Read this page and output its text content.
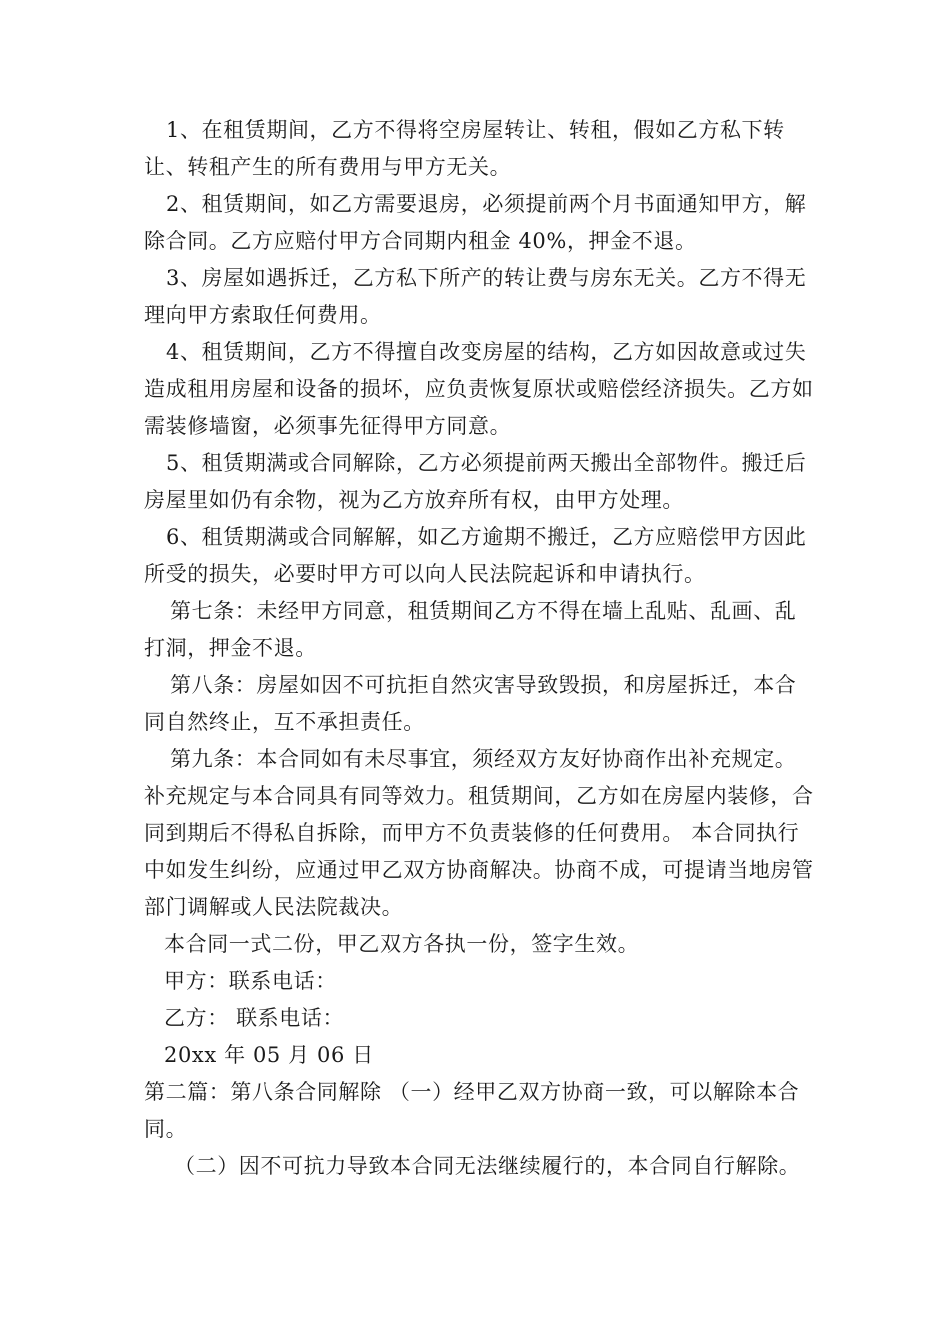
1、在租赁期间，乙方不得将空房屋转让、转租，假如乙方私下转让、转租产生的所有费用与甲方无关。

2、租赁期间，如乙方需要退房，必须提前两个月书面通知甲方，解除合同。乙方应赔付甲方合同期内租金 40%，押金不退。

3、房屋如遇拆迁，乙方私下所产的转让费与房东无关。乙方不得无理向甲方索取任何费用。

4、租赁期间，乙方不得擅自改变房屋的结构，乙方如因故意或过失造成租用房屋和设备的损坏，应负责恢复原状或赔偿经济损失。乙方如需装修墙窗，必须事先征得甲方同意。

5、租赁期满或合同解除，乙方必须提前两天搬出全部物件。搬迁后房屋里如仍有余物，视为乙方放弃所有权，由甲方处理。

6、租赁期满或合同解解，如乙方逾期不搬迁，乙方应赔偿甲方因此所受的损失，必要时甲方可以向人民法院起诉和申请执行。

第七条：未经甲方同意，租赁期间乙方不得在墙上乱贴、乱画、乱打洞，押金不退。

第八条：房屋如因不可抗拒自然灾害导致毁损，和房屋拆迁，本合同自然终止，互不承担责任。

第九条：本合同如有未尽事宜，须经双方友好协商作出补充规定。补充规定与本合同具有同等效力。租赁期间，乙方如在房屋内装修，合同到期后不得私自拆除，而甲方不负责装修的任何费用。 本合同执行中如发生纠纷，应通过甲乙双方协商解决。协商不成，可提请当地房管部门调解或人民法院裁决。

本合同一式二份，甲乙双方各执一份，签字生效。

甲方：联系电话：

乙方： 联系电话：

20xx 年 05 月 06 日

第二篇：第八条合同解除 （一）经甲乙双方协商一致，可以解除本合同。

（二）因不可抗力导致本合同无法继续履行的，本合同自行解除。
